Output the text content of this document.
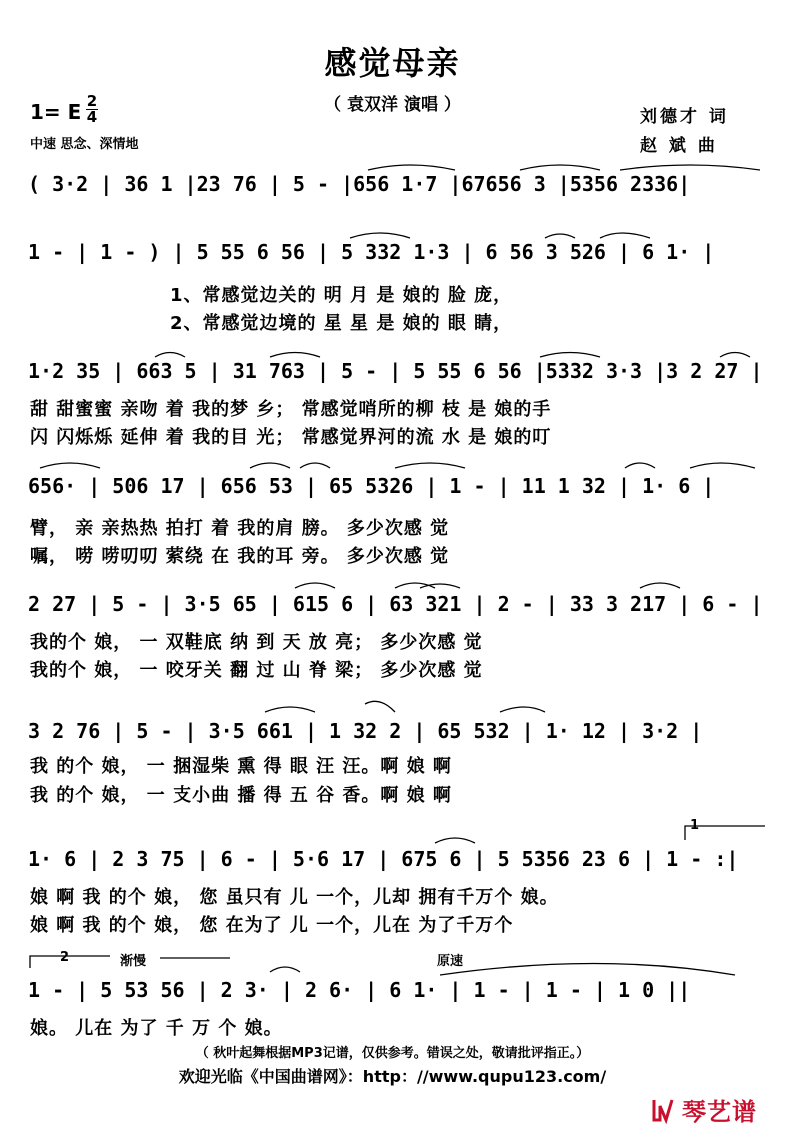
感觉母亲
（ 袁双洋 演唱 ）
1= E 2
4
中速 思念、深情地
刘德才 词
赵 斌 曲
( 3·2 | 36 1 |23 76 | 5 - |656 1·7 |67656 3 |5356 2336|
1 - | 1 - ) | 5 55 6 56 | 5 332 1·3 | 6 56 3 526 | 6 1· |
1、常感觉边关的 明 月 是 娘的 脸 庞，
2、常感觉边境的 星 星 是 娘的 眼 睛，
1·2 35 | 663 5 | 31 763 | 5 - | 5 55 6 56 |5332 3·3 |3 2 27 |
甜 甜蜜蜜 亲吻 着 我的梦 乡； 常感觉哨所的柳 枝 是 娘的手
闪 闪烁烁 延伸 着 我的目 光； 常感觉界河的流 水 是 娘的叮
656· | 506 17 | 656 53 | 65 5326 | 1 - | 11 1 32 | 1· 6 |
臂， 亲 亲热热 拍打 着 我的肩 膀。 多少次感 觉
嘱， 唠 唠叨叨 萦绕 在 我的耳 旁。 多少次感 觉
2 27 | 5 - | 3·5 65 | 615 6 | 63 321 | 2 - | 33 3 217 | 6 - |
我的个 娘， 一 双鞋底 纳 到 天 放 亮； 多少次感 觉
我的个 娘， 一 咬牙关 翻 过 山 脊 梁； 多少次感 觉
3 2 76 | 5 - | 3·5 661 | 1 32 2 | 65 532 | 1· 12 | 3·2 |
我 的个 娘， 一 捆湿柴 熏 得 眼 汪 汪。啊 娘 啊
我 的个 娘， 一 支小曲 播 得 五 谷 香。啊 娘 啊
1
1· 6 | 2 3 75 | 6 - | 5·6 17 | 675 6 | 5 5356 23 6 | 1 - :|
娘 啊 我 的个 娘， 您 虽只有 儿 一个，儿却 拥有千万个 娘。
娘 啊 我 的个 娘， 您 在为了 儿 一个，儿在 为了千万个
2	渐慢	原速
1 - | 5 53 56 | 2 3· | 2 6· | 6 1· | 1 - | 1 - | 1 0 ||
娘。 儿在 为了 千 万 个 娘。
（ 秋叶起舞根据MP3记谱，仅供参考。错误之处，敬请批评指正。）
欢迎光临《中国曲谱网》：http：//www.qupu123.com/
琴艺谱
